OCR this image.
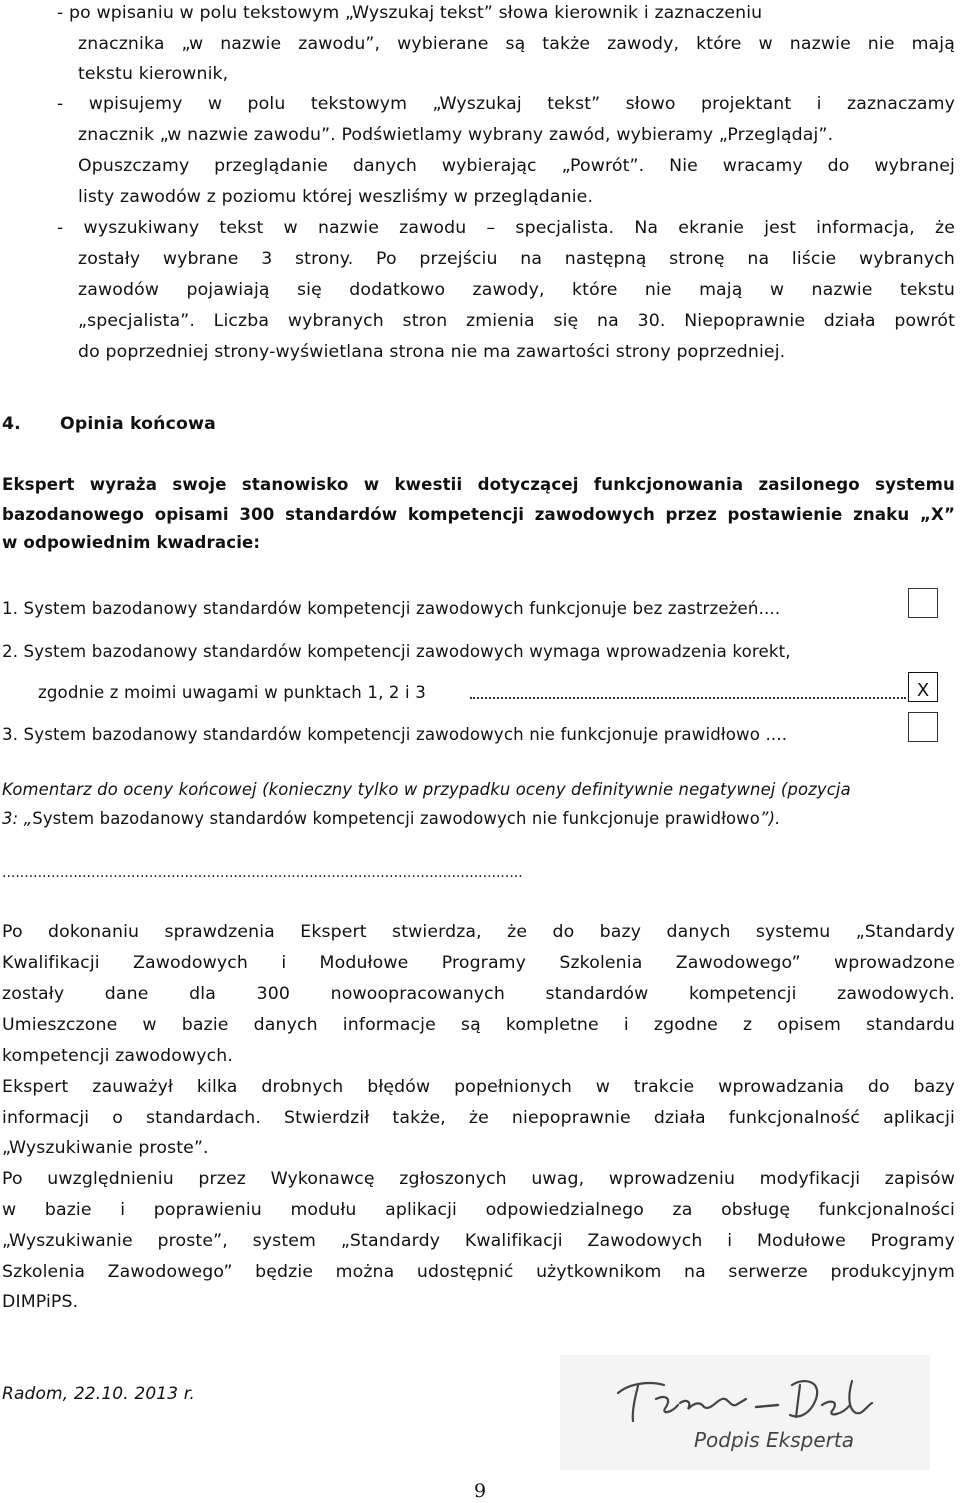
- po wpisaniu w polu tekstowym „Wyszukaj tekst” słowa kierownik i zaznaczeniu
znacznika „w nazwie zawodu”, wybierane są także zawody, które w nazwie nie mają
tekstu kierownik,
- wpisujemy w polu tekstowym „Wyszukaj tekst” słowo projektant i zaznaczamy
znacznik „w nazwie zawodu”. Podświetlamy wybrany zawód, wybieramy „Przeglądaj”.
Opuszczamy przeglądanie danych wybierając „Powrót”. Nie wracamy do wybranej
listy zawodów z poziomu której weszliśmy w przeglądanie.
- wyszukiwany tekst w nazwie zawodu – specjalista. Na ekranie jest informacja, że
zostały wybrane 3 strony. Po przejściu na następną stronę na liście wybranych
zawodów pojawiają się dodatkowo zawody, które nie mają w nazwie tekstu
„specjalista”. Liczba wybranych stron zmienia się na 30. Niepoprawnie działa powrót
do poprzedniej strony-wyświetlana strona nie ma zawartości strony poprzedniej.
4. Opinia końcowa
Ekspert wyraża swoje stanowisko w kwestii dotyczącej funkcjonowania zasilonego systemu
bazodanowego opisami 300 standardów kompetencji zawodowych przez postawienie znaku „X”
w odpowiednim kwadracie:
1. System bazodanowy standardów kompetencji zawodowych funkcjonuje bez zastrzeżeń....
2. System bazodanowy standardów kompetencji zawodowych wymaga wprowadzenia korekt,
zgodnie z moimi uwagami w punktach 1, 2 i 3	X
3. System bazodanowy standardów kompetencji zawodowych nie funkcjonuje prawidłowo ....
Komentarz do oceny końcowej (konieczny tylko w przypadku oceny definitywnie negatywnej (pozycja
3: „System bazodanowy standardów kompetencji zawodowych nie funkcjonuje prawidłowo”).
.....................................................................................................................
Po dokonaniu sprawdzenia Ekspert stwierdza, że do bazy danych systemu „Standardy
Kwalifikacji Zawodowych i Modułowe Programy Szkolenia Zawodowego” wprowadzone
zostały dane dla 300 nowoopracowanych standardów kompetencji zawodowych.
Umieszczone w bazie danych informacje są kompletne i zgodne z opisem standardu
kompetencji zawodowych.
Ekspert zauważył kilka drobnych błędów popełnionych w trakcie wprowadzania do bazy
informacji o standardach. Stwierdził także, że niepoprawnie działa funkcjonalność aplikacji
„Wyszukiwanie proste”.
Po uwzględnieniu przez Wykonawcę zgłoszonych uwag, wprowadzeniu modyfikacji zapisów
w bazie i poprawieniu modułu aplikacji odpowiedzialnego za obsługę funkcjonalności
„Wyszukiwanie proste”, system „Standardy Kwalifikacji Zawodowych i Modułowe Programy
Szkolenia Zawodowego” będzie można udostępnić użytkownikom na serwerze produkcyjnym
DIMPiPS.
Radom, 22.10. 2013 r.
Podpis Eksperta
9
